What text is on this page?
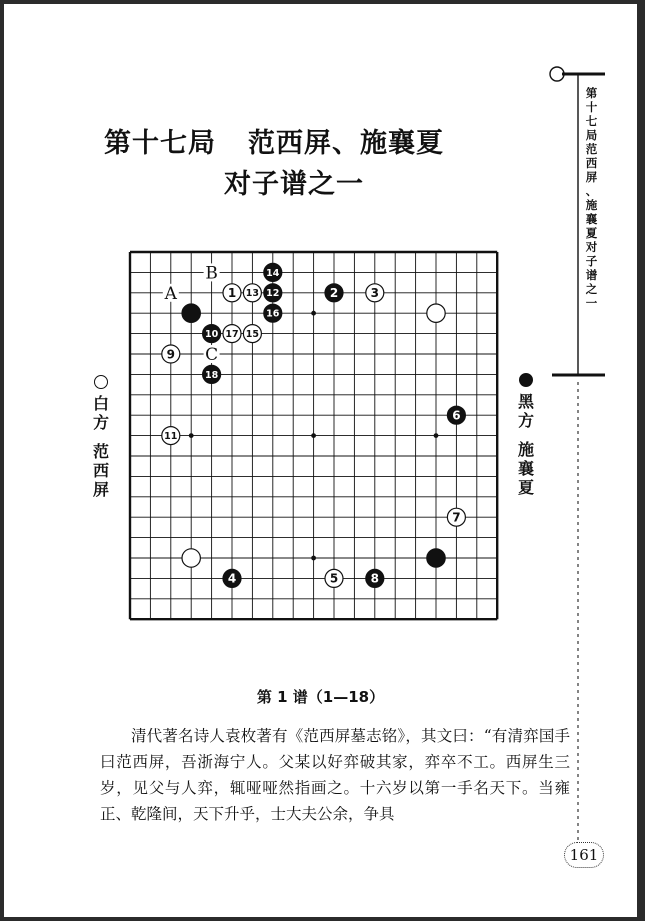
第十七局 范西屏、施襄夏
对子谱之一
A
B
C
1	2	3
4	5
6
7
8
9
10
11
12
13
14
15
16
17
18
白
方
范
西
屏
黑
方
施
襄
夏
第 1 谱（1—18）

清代著名诗人袁枚著有《范西屏墓志铭》，其文曰：“有清弈国手曰范西屏，吾浙海宁人。父某以好弈破其家，弈卒不工。西屏生三岁，见父与人弈，辄哑哑然指画之。十六岁以第一手名天下。当雍正、乾隆间，天下升乎，士大夫公余，争具

第
十
七
局
范
西
屏
、
施
襄
夏
对
子
谱
之
一
161
